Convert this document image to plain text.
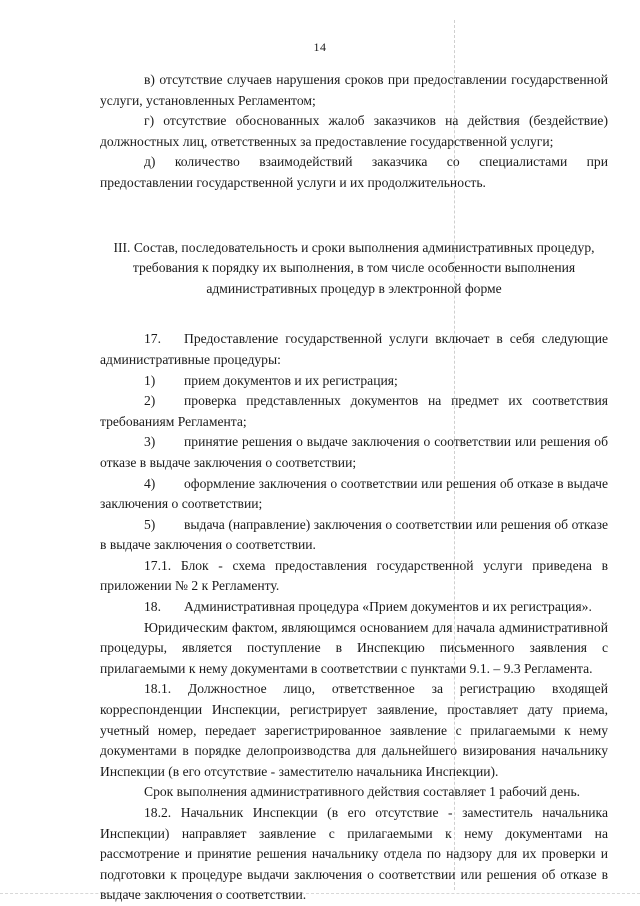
14

в) отсутствие случаев нарушения сроков при предоставлении государственной услуги, установленных Регламентом;

г) отсутствие обоснованных жалоб заказчиков на действия (бездействие) должностных лиц, ответственных за предоставление государственной услуги;

д) количество взаимодействий заказчика со специалистами при предоставлении государственной услуги и их продолжительность.

III. Состав, последовательность и сроки выполнения административных процедур, требования к порядку их выполнения, в том числе особенности выполнения административных процедур в электронной форме

17. Предоставление государственной услуги включает в себя следующие административные процедуры:

1) прием документов и их регистрация;

2) проверка представленных документов на предмет их соответствия требованиям Регламента;

3) принятие решения о выдаче заключения о соответствии или решения об отказе в выдаче заключения о соответствии;

4) оформление заключения о соответствии или решения об отказе в выдаче заключения о соответствии;

5) выдача (направление) заключения о соответствии или решения об отказе в выдаче заключения о соответствии.

17.1. Блок - схема предоставления государственной услуги приведена в приложении № 2 к Регламенту.

18. Административная процедура «Прием документов и их регистрация».

Юридическим фактом, являющимся основанием для начала административной процедуры, является поступление в Инспекцию письменного заявления с прилагаемыми к нему документами в соответствии с пунктами 9.1. – 9.3 Регламента.

18.1. Должностное лицо, ответственное за регистрацию входящей корреспонденции Инспекции, регистрирует заявление, проставляет дату приема, учетный номер, передает зарегистрированное заявление с прилагаемыми к нему документами в порядке делопроизводства для дальнейшего визирования начальнику Инспекции (в его отсутствие - заместителю начальника Инспекции).

Срок выполнения административного действия составляет 1 рабочий день.

18.2. Начальник Инспекции (в его отсутствие - заместитель начальника Инспекции) направляет заявление с прилагаемыми к нему документами на рассмотрение и принятие решения начальнику отдела по надзору для их проверки и подготовки к процедуре выдачи заключения о соответствии или решения об отказе в выдаче заключения о соответствии.
